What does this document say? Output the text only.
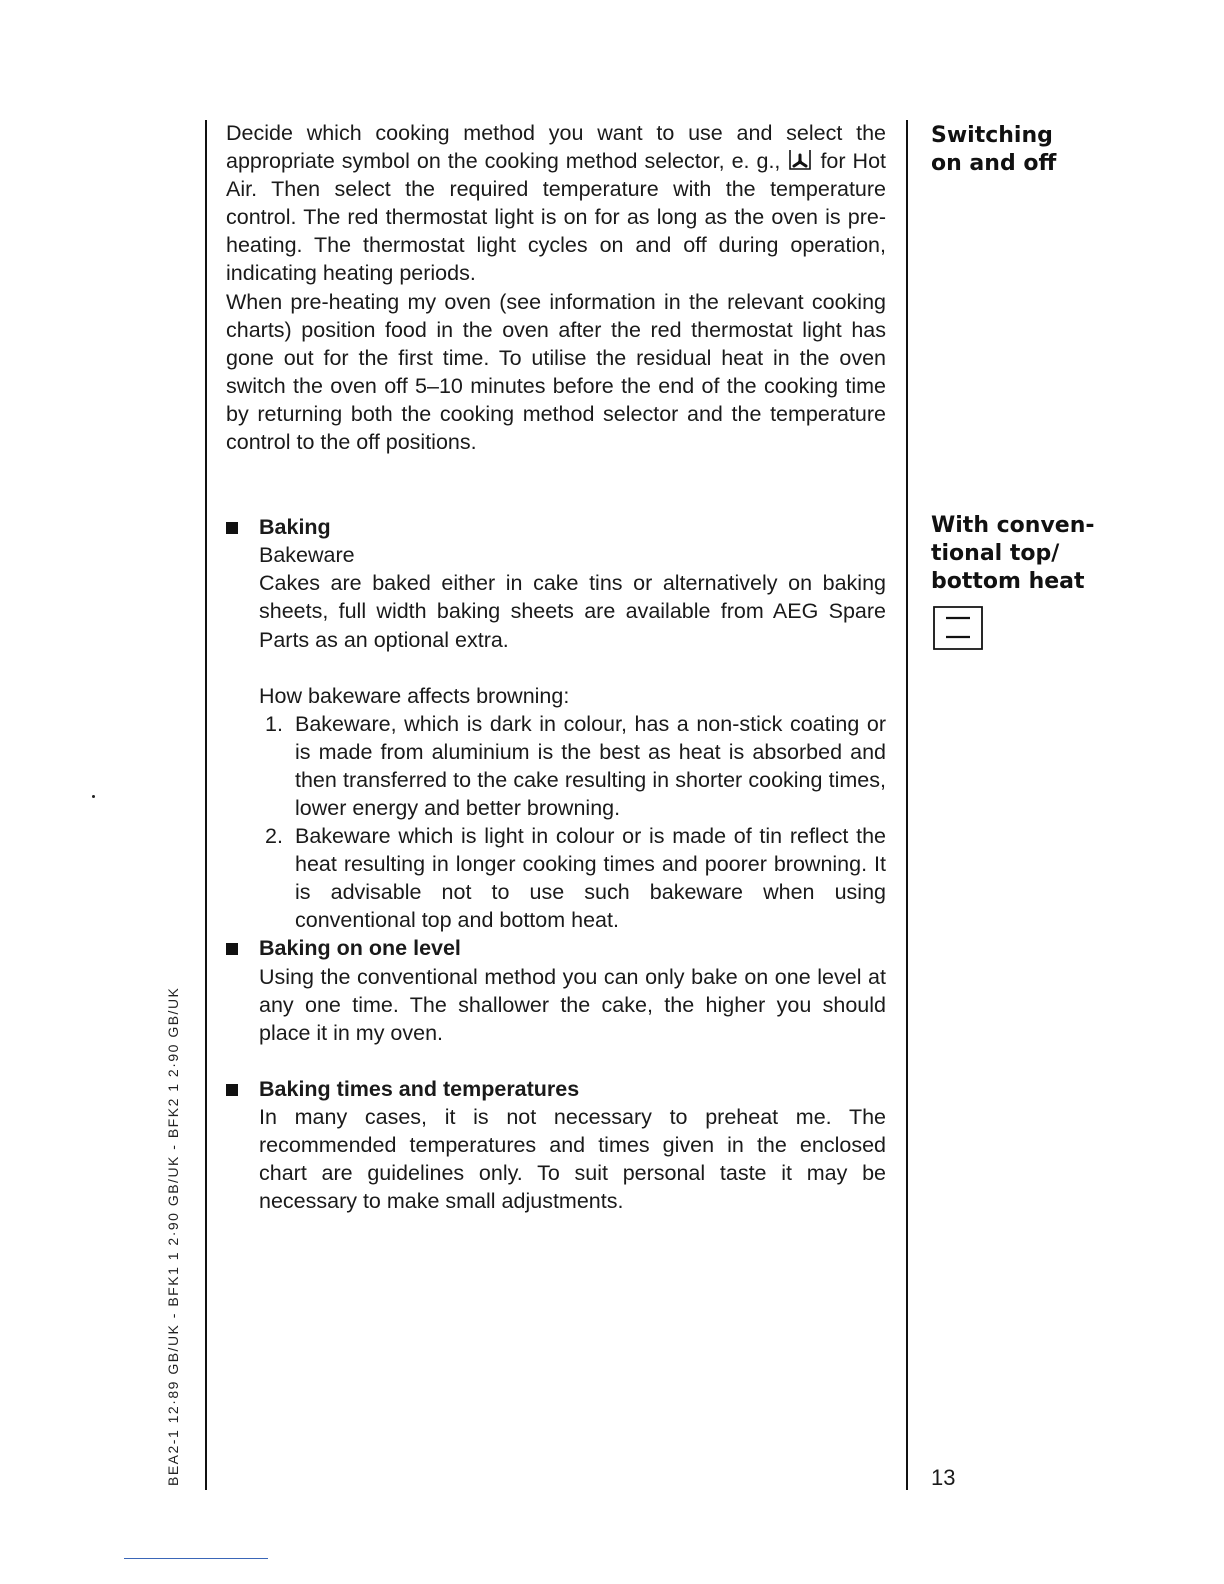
BEA2-1 12·89 GB/UK - BFK1 1 2·90 GB/UK - BFK2 1 2·90 GB/UK

Decide which cooking method you want to use and select the appropriate symbol on the cooking method selector, e. g., for Hot Air. Then select the required temperature with the temperature control. The red thermostat light is on for as long as the oven is pre-heating. The thermostat light cycles on and off during operation, indicating heating periods.

When pre-heating my oven (see information in the relevant cooking charts) position food in the oven after the red thermostat light has gone out for the first time. To utilise the residual heat in the oven switch the oven off 5–10 minutes before the end of the cooking time by returning both the cooking method selector and the temperature control to the off positions.

Baking
Bakeware

Cakes are baked either in cake tins or alternatively on baking sheets, full width baking sheets are available from AEG Spare Parts as an optional extra.

How bakeware affects browning:
1. Bakeware, which is dark in colour, has a non-stick coating or is made from aluminium is the best as heat is absorbed and then transferred to the cake resulting in shorter cooking times, lower energy and better browning.
2. Bakeware which is light in colour or is made of tin reflect the heat resulting in longer cooking times and poorer browning. It is advisable not to use such bakeware when using conventional top and bottom heat.
Baking on one level

Using the conventional method you can only bake on one level at any one time. The shallower the cake, the higher you should place it in my oven.

Baking times and temperatures

In many cases, it is not necessary to preheat me. The recommended temperatures and times given in the enclosed chart are guidelines only. To suit personal taste it may be necessary to make small adjustments.

Switching
on and off
With conven-
tional top/
bottom heat
13
